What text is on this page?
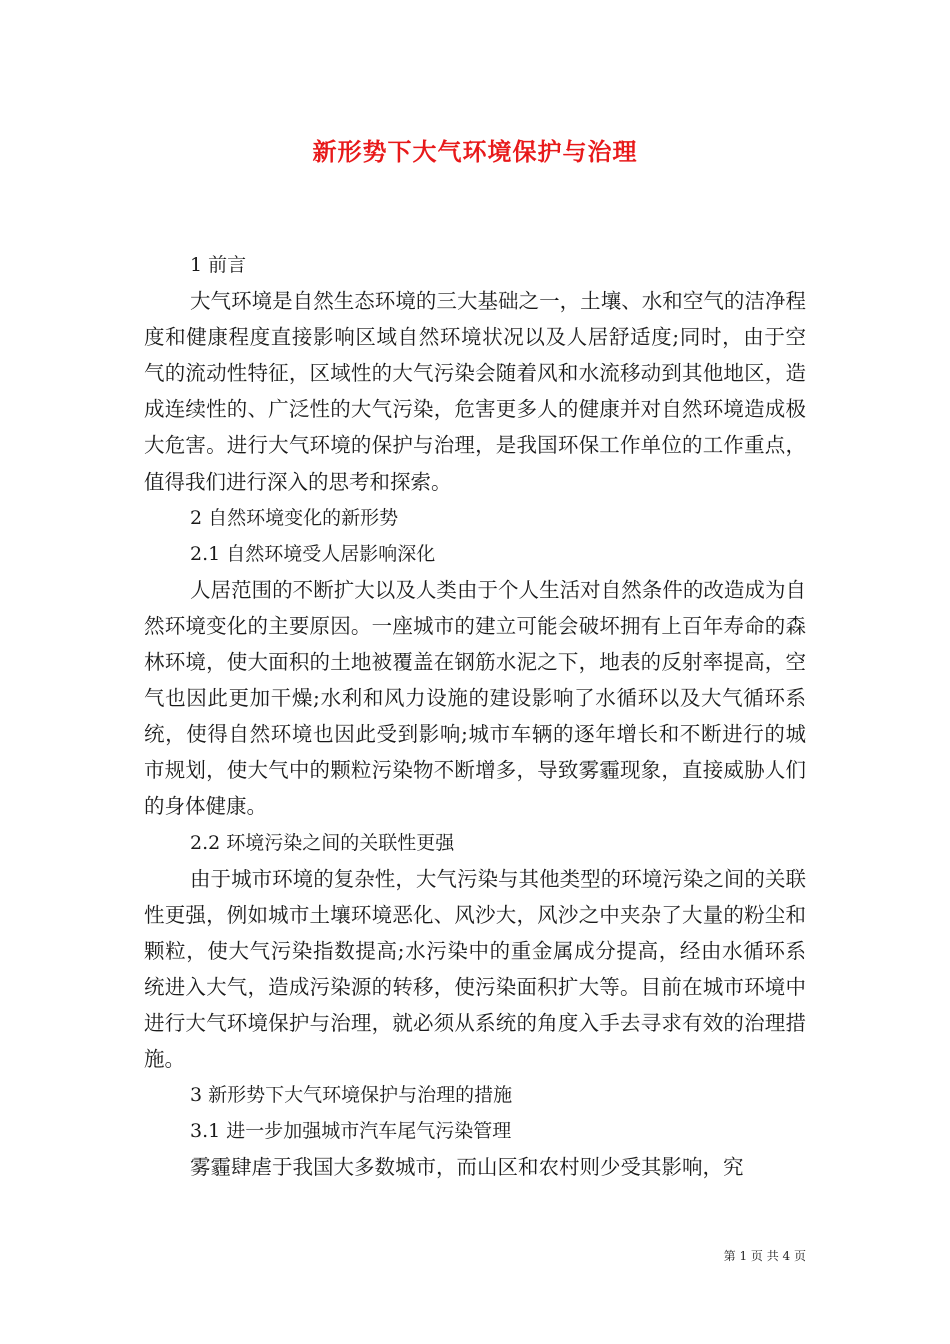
新形势下大气环境保护与治理

1 前言

大气环境是自然生态环境的三大基础之一，土壤、水和空气的洁净程度和健康程度直接影响区域自然环境状况以及人居舒适度;同时，由于空气的流动性特征，区域性的大气污染会随着风和水流移动到其他地区，造成连续性的、广泛性的大气污染，危害更多人的健康并对自然环境造成极大危害。进行大气环境的保护与治理，是我国环保工作单位的工作重点，值得我们进行深入的思考和探索。

2 自然环境变化的新形势

2.1 自然环境受人居影响深化

人居范围的不断扩大以及人类由于个人生活对自然条件的改造成为自然环境变化的主要原因。一座城市的建立可能会破坏拥有上百年寿命的森林环境，使大面积的土地被覆盖在钢筋水泥之下，地表的反射率提高，空气也因此更加干燥;水利和风力设施的建设影响了水循环以及大气循环系统，使得自然环境也因此受到影响;城市车辆的逐年增长和不断进行的城市规划，使大气中的颗粒污染物不断增多，导致雾霾现象，直接威胁人们的身体健康。

2.2 环境污染之间的关联性更强

由于城市环境的复杂性，大气污染与其他类型的环境污染之间的关联性更强，例如城市土壤环境恶化、风沙大，风沙之中夹杂了大量的粉尘和颗粒，使大气污染指数提高;水污染中的重金属成分提高，经由水循环系统进入大气，造成污染源的转移，使污染面积扩大等。目前在城市环境中进行大气环境保护与治理，就必须从系统的角度入手去寻求有效的治理措施。

3 新形势下大气环境保护与治理的措施

3.1 进一步加强城市汽车尾气污染管理

雾霾肆虐于我国大多数城市，而山区和农村则少受其影响，究

第 1 页 共 4 页
